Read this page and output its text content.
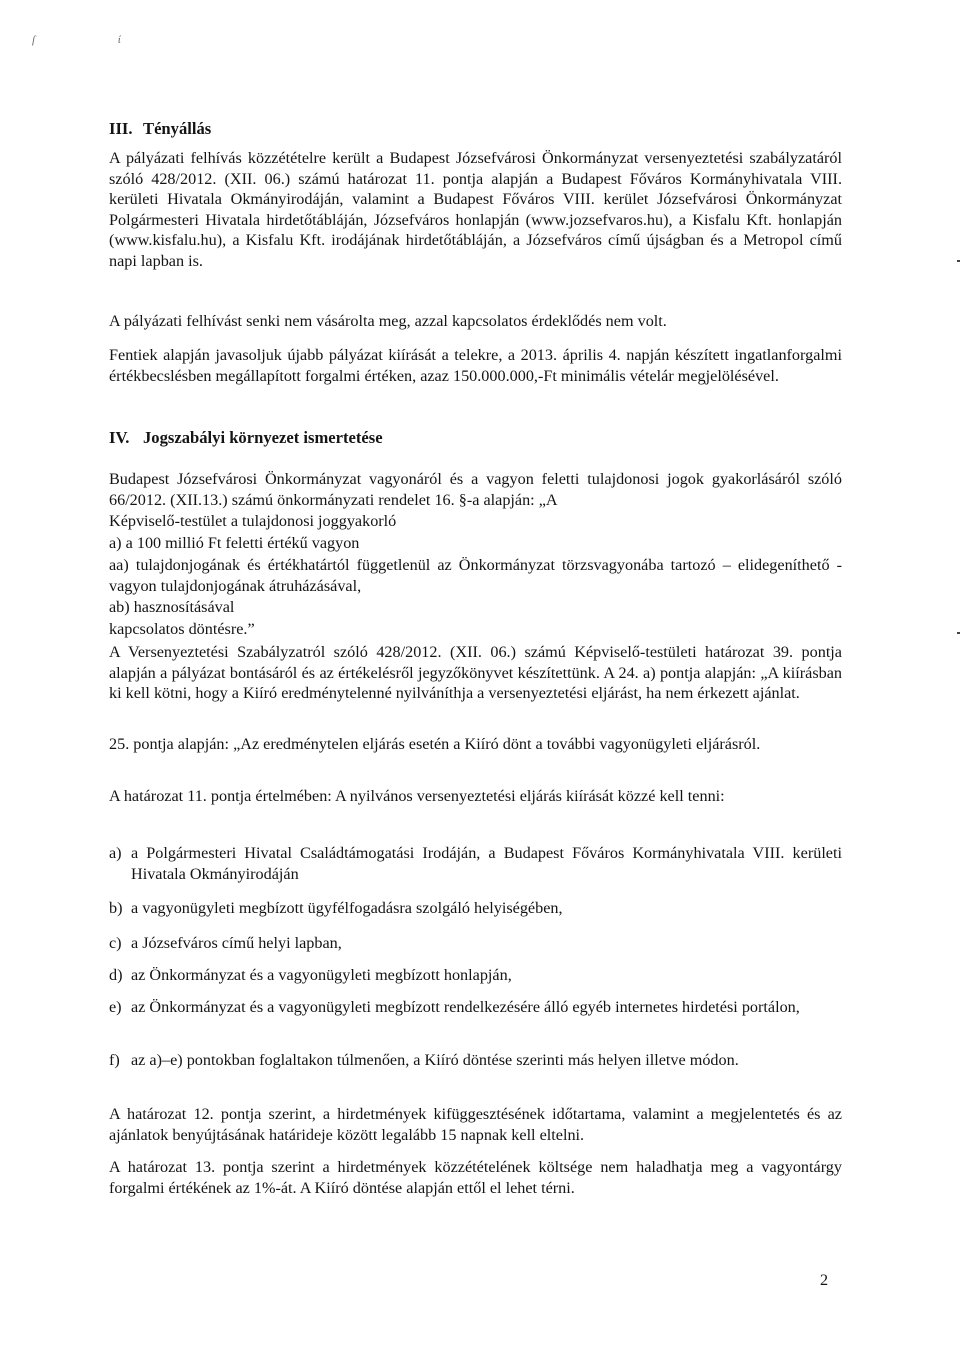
ſ ί
III. Tényállás
A pályázati felhívás közzétételre került a Budapest Józsefvárosi Önkormányzat versenyeztetési szabályzatáról szóló 428/2012. (XII. 06.) számú határozat 11. pontja alapján a Budapest Főváros Kormányhivatala VIII. kerületi Hivatala Okmányirodáján, valamint a Budapest Főváros VIII. kerület Józsefvárosi Önkormányzat Polgármesteri Hivatala hirdetőtábláján, Józsefváros honlapján (www.jozsefvaros.hu), a Kisfalu Kft. honlapján (www.kisfalu.hu), a Kisfalu Kft. irodájának hirdetőtábláján, a Józsefváros című újságban és a Metropol című napi lapban is.
A pályázati felhívást senki nem vásárolta meg, azzal kapcsolatos érdeklődés nem volt.
Fentiek alapján javasoljuk újabb pályázat kiírását a telekre, a 2013. április 4. napján készített ingatlanforgalmi értékbecslésben megállapított forgalmi értéken, azaz 150.000.000,-Ft minimális vételár megjelölésével.
IV. Jogszabályi környezet ismertetése
Budapest Józsefvárosi Önkormányzat vagyonáról és a vagyon feletti tulajdonosi jogok gyakorlásáról szóló 66/2012. (XII.13.) számú önkormányzati rendelet 16. §-a alapján: „A
Képviselő-testület a tulajdonosi joggyakorló
a) a 100 millió Ft feletti értékű vagyon
aa) tulajdonjogának és értékhatártól függetlenül az Önkormányzat törzsvagyonába tartozó – elidegeníthető - vagyon tulajdonjogának átruházásával,
ab) hasznosításával
kapcsolatos döntésre.”
A Versenyeztetési Szabályzatról szóló 428/2012. (XII. 06.) számú Képviselő-testületi határozat 39. pontja alapján a pályázat bontásáról és az értékelésről jegyzőkönyvet készítettünk. A 24. a) pontja alapján: „A kiírásban ki kell kötni, hogy a Kiíró eredménytelenné nyilváníthja a versenyeztetési eljárást, ha nem érkezett ajánlat.
25. pontja alapján: „Az eredménytelen eljárás esetén a Kiíró dönt a további vagyonügyleti eljárásról.
A határozat 11. pontja értelmében: A nyilvános versenyeztetési eljárás kiírását közzé kell tenni:
a) a Polgármesteri Hivatal Családtámogatási Irodáján, a Budapest Főváros Kormányhivatala VIII. kerületi Hivatala Okmányirodáján
b) a vagyonügyleti megbízott ügyfélfogadásra szolgáló helyiségében,
c) a Józsefváros című helyi lapban,
d) az Önkormányzat és a vagyonügyleti megbízott honlapján,
e) az Önkormányzat és a vagyonügyleti megbízott rendelkezésére álló egyéb internetes hirdetési portálon,
f) az a)–e) pontokban foglaltakon túlmenően, a Kiíró döntése szerinti más helyen illetve módon.
A határozat 12. pontja szerint, a hirdetmények kifüggesztésének időtartama, valamint a megjelentetés és az ajánlatok benyújtásának határideje között legalább 15 napnak kell eltelni.
A határozat 13. pontja szerint a hirdetmények közzétételének költsége nem haladhatja meg a vagyontárgy forgalmi értékének az 1%-át. A Kiíró döntése alapján ettől el lehet térni.
2
